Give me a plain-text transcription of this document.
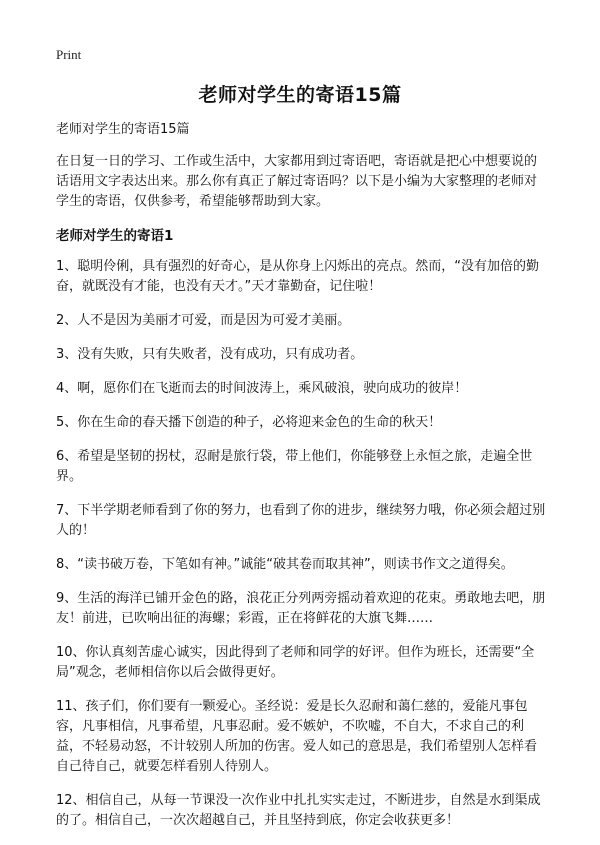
Print
老师对学生的寄语15篇

老师对学生的寄语15篇

在日复一日的学习、工作或生活中，大家都用到过寄语吧，寄语就是把心中想要说的话语用文字表达出来。那么你有真正了解过寄语吗？以下是小编为大家整理的老师对学生的寄语，仅供参考，希望能够帮助到大家。

老师对学生的寄语1

1、聪明伶俐，具有强烈的好奇心，是从你身上闪烁出的亮点。然而，“没有加倍的勤奋，就既没有才能，也没有天才。”天才靠勤奋，记住啦！

2、人不是因为美丽才可爱，而是因为可爱才美丽。

3、没有失败，只有失败者，没有成功，只有成功者。

4、啊，愿你们在飞逝而去的时间波涛上，乘风破浪，驶向成功的彼岸！

5、你在生命的春天播下创造的种子，必将迎来金色的生命的秋天！

6、希望是坚韧的拐杖，忍耐是旅行袋，带上他们，你能够登上永恒之旅，走遍全世界。

7、下半学期老师看到了你的努力，也看到了你的进步，继续努力哦，你必须会超过别人的！

8、“读书破万卷，下笔如有神。”诚能“破其卷而取其神”，则读书作文之道得矣。

9、生活的海洋已铺开金色的路，浪花正分列两旁摇动着欢迎的花束。勇敢地去吧，朋友！前进，已吹响出征的海螺；彩霞，正在将鲜花的大旗飞舞……

10、你认真刻苦虚心诚实，因此得到了老师和同学的好评。但作为班长，还需要“全局”观念，老师相信你以后会做得更好。

11、孩子们，你们要有一颗爱心。圣经说：爱是长久忍耐和蔼仁慈的，爱能凡事包容，凡事相信，凡事希望，凡事忍耐。爱不嫉妒，不吹嘘，不自大，不求自己的利益，不轻易动怒，不计较别人所加的伤害。爱人如己的意思是，我们希望别人怎样看自己待自己，就要怎样看别人待别人。

12、相信自己，从每一节课没一次作业中扎扎实实走过，不断进步，自然是水到渠成的了。相信自己，一次次超越自己，并且坚持到底，你定会收获更多！
